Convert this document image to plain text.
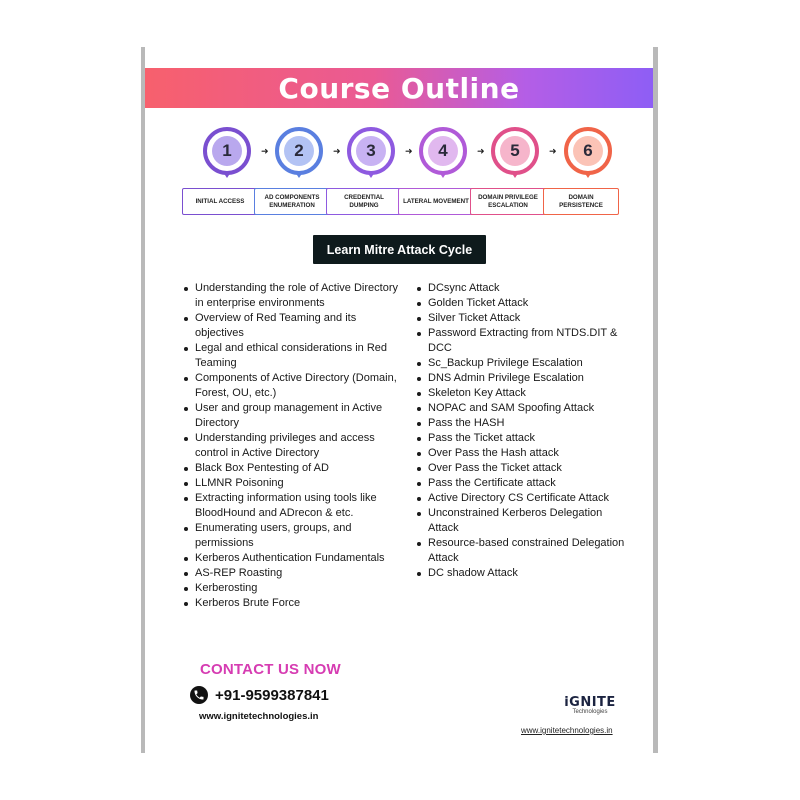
Course Outline
1
INITIAL ACCESS
➜	2
AD COMPONENTS ENUMERATION
➜	3
CREDENTIAL DUMPING
➜	4
LATERAL MOVEMENT
➜	5
DOMAIN PRIVILEGE ESCALATION
➜	6
DOMAIN PERSISTENCE
Learn Mitre Attack Cycle
Understanding the role of Active Directory in enterprise environments
Overview of Red Teaming and its objectives
Legal and ethical considerations in Red Teaming
Components of Active Directory (Domain, Forest, OU, etc.)
User and group management in Active Directory
Understanding privileges and access control in Active Directory
Black Box Pentesting of AD
LLMNR Poisoning
Extracting information using tools like BloodHound and ADrecon & etc.
Enumerating users, groups, and permissions
Kerberos Authentication Fundamentals
AS-REP Roasting
Kerberosting
Kerberos Brute Force
DCsync Attack
Golden Ticket Attack
Silver Ticket Attack
Password Extracting from NTDS.DIT & DCC
Sc_Backup Privilege Escalation
DNS Admin Privilege Escalation
Skeleton Key Attack
NOPAC and SAM Spoofing Attack
Pass the HASH
Pass the Ticket attack
Over Pass the Hash attack
Over Pass the Ticket attack
Pass the Certificate attack
Active Directory CS Certificate Attack
Unconstrained Kerberos Delegation Attack
Resource-based constrained Delegation Attack
DC shadow Attack
CONTACT US NOW
+91-9599387841
www.ignitetechnologies.in
iGNITE
Technologies
www.ignitetechnologies.in
